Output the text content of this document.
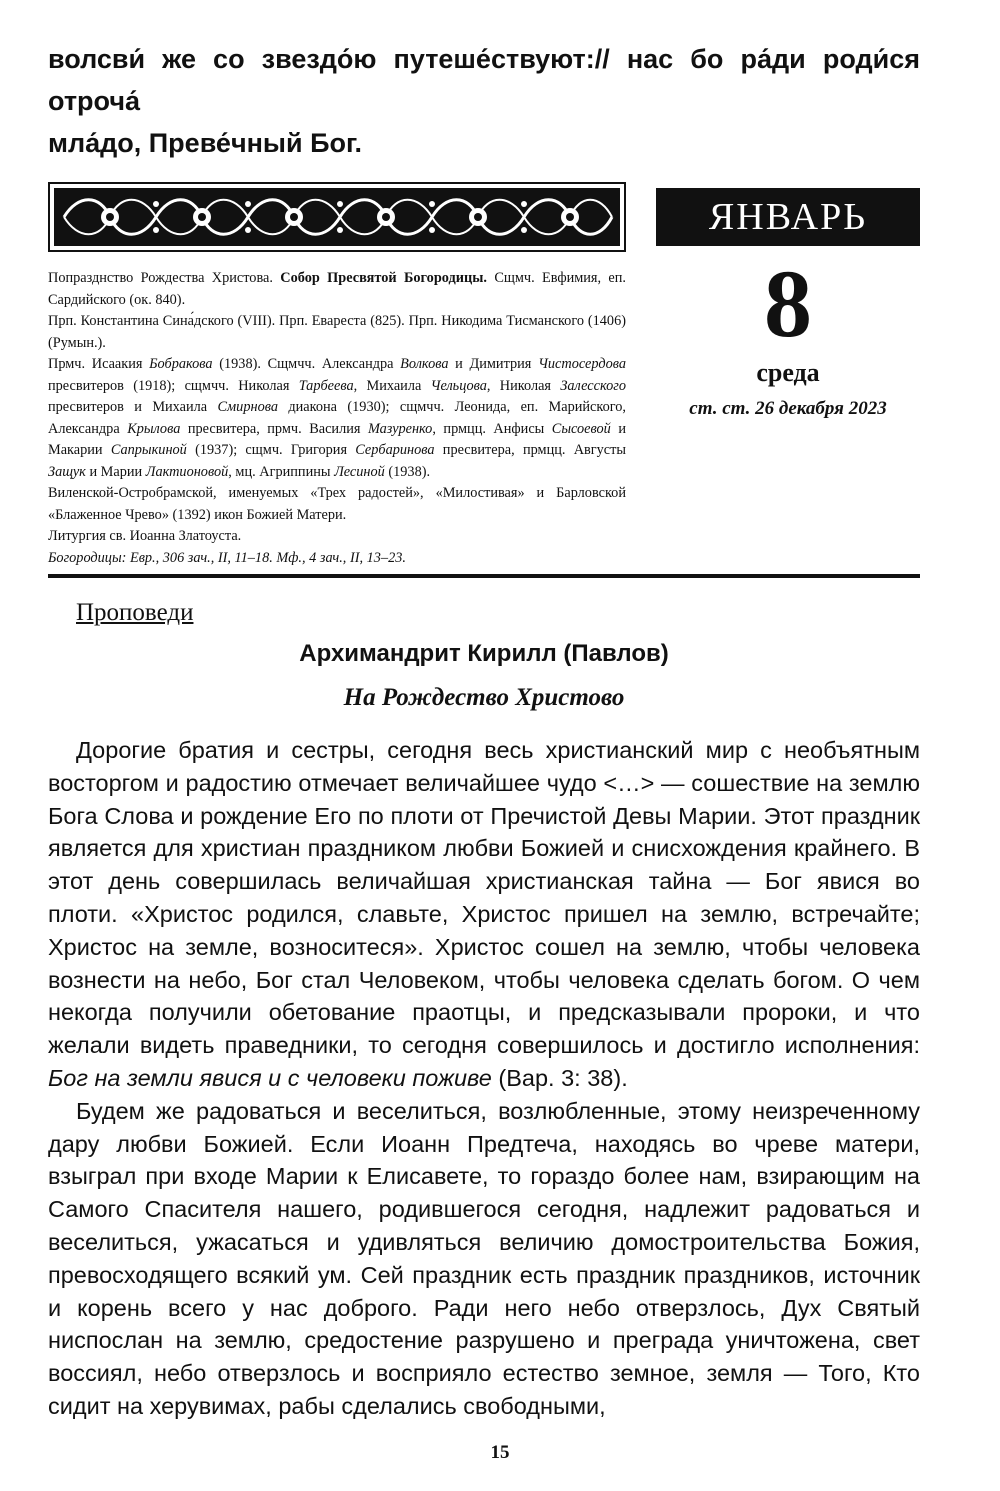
волсви́ же со звездо́ю путеше́ствуют:// нас бо ра́ди роди́ся отроча́
мла́до, Преве́чный Бог.

ЯНВАРЬ
8
среда
ст. ст. 26 декабря 2023

Попразднство Рождества Христова. Собор Пресвятой Богородицы. Сщмч. Евфимия, еп. Сардийского (ок. 840).

Прп. Константина Сина́дского (VIII). Прп. Евареста (825). Прп. Никодима Тисманского (1406) (Румын.).

Прмч. Исаакия Бобракова (1938). Сщмчч. Александра Волкова и Димитрия Чистосердова пресвитеров (1918); сщмчч. Николая Тарбеева, Михаила Чельцова, Николая Залесского пресвитеров и Михаила Смирнова диакона (1930); сщмчч. Леонида, еп. Марийского, Александра Крылова пресвитера, прмч. Василия Мазуренко, прмцц. Анфисы Сысоевой и Макарии Сапрыкиной (1937); сщмч. Григория Сербаринова пресвитера, прмцц. Августы Защук и Марии Лактионовой, мц. Агриппины Лесиной (1938).

Виленской-Остробрамской, именуемых «Трех радостей», «Милостивая» и Барловской «Блаженное Чрево» (1392) икон Божией Матери.

Литургия св. Иоанна Златоуста.

Богородицы: Евр., 306 зач., II, 11–18. Мф., 4 зач., II, 13–23.

Проповеди
Архимандрит Кирилл (Павлов)
На Рождество Христово

Дорогие братия и сестры, сегодня весь христианский мир с необъятным восторгом и радостию отмечает величайшее чудо <…> — сошествие на землю Бога Слова и рождение Его по плоти от Пречистой Девы Марии. Этот праздник является для христиан праздником любви Божией и снисхождения крайнего. В этот день совершилась величайшая христианская тайна — Бог явися во плоти. «Христос родился, славьте, Христос пришел на землю, встречайте; Христос на земле, возноситеся». Христос сошел на землю, чтобы человека вознести на небо, Бог стал Человеком, чтобы человека сделать богом. О чем некогда получили обетование праотцы, и предсказывали пророки, и что желали видеть праведники, то сегодня совершилось и достигло исполнения: Бог на земли явися и с человеки поживе (Вар. 3: 38).

Будем же радоваться и веселиться, возлюбленные, этому неизреченному дару любви Божией. Если Иоанн Предтеча, находясь во чреве матери, взыграл при входе Марии к Елисавете, то гораздо более нам, взирающим на Самого Спасителя нашего, родившегося сегодня, надлежит радоваться и веселиться, ужасаться и удивляться величию домостроительства Божия, превосходящего всякий ум. Сей праздник есть праздник праздников, источник и корень всего у нас доброго. Ради него небо отверзлось, Дух Святый ниспослан на землю, средостение разрушено и преграда уничтожена, свет воссиял, небо отверзлось и восприяло естество земное, земля — Того, Кто сидит на херувимах, рабы сделались свободными,

15
